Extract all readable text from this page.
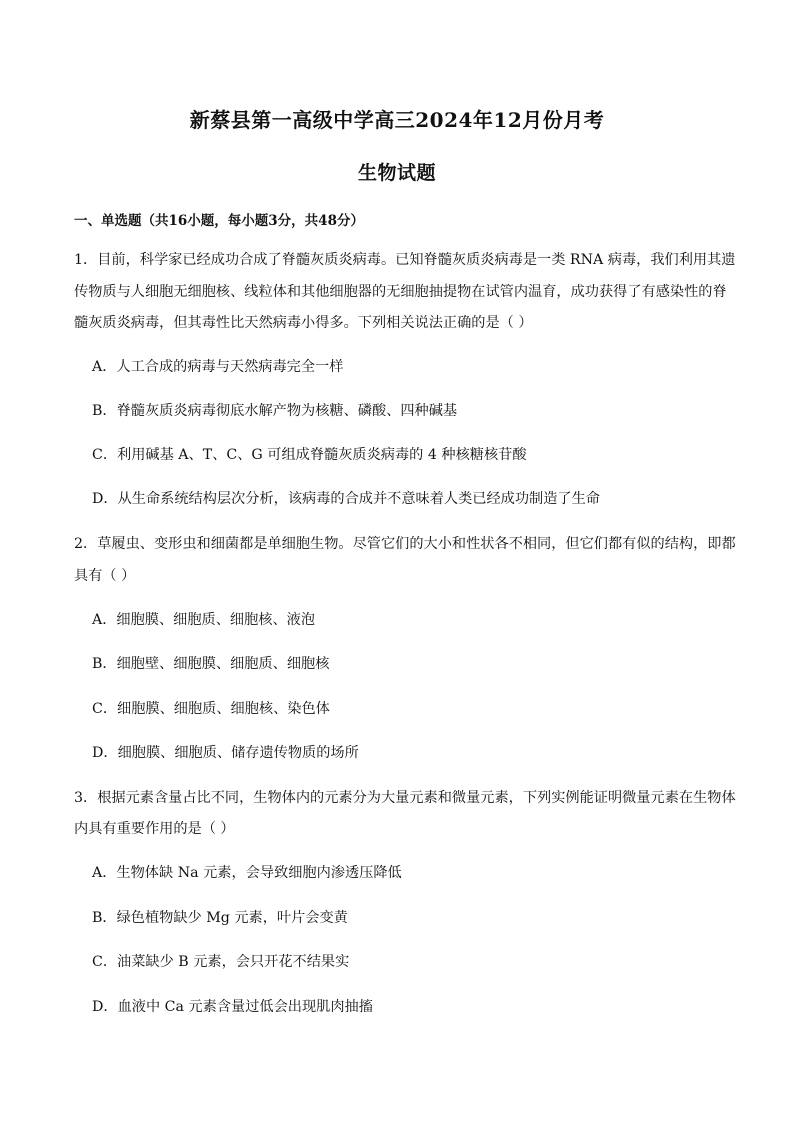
新蔡县第一高级中学高三2024年12月份月考
生物试题
一、单选题（共16小题，每小题3分，共48分）
1．目前，科学家已经成功合成了脊髓灰质炎病毒。已知脊髓灰质炎病毒是一类 RNA 病毒，我们利用其遗
传物质与人细胞无细胞核、线粒体和其他细胞器的无细胞抽提物在试管内温育，成功获得了有感染性的脊
髓灰质炎病毒，但其毒性比天然病毒小得多。下列相关说法正确的是（ ）
A．人工合成的病毒与天然病毒完全一样
B．脊髓灰质炎病毒彻底水解产物为核糖、磷酸、四种碱基
C．利用碱基 A、T、C、G 可组成脊髓灰质炎病毒的 4 种核糖核苷酸
D．从生命系统结构层次分析，该病毒的合成并不意味着人类已经成功制造了生命
2．草履虫、变形虫和细菌都是单细胞生物。尽管它们的大小和性状各不相同，但它们都有似的结构，即都
具有（ ）
A．细胞膜、细胞质、细胞核、液泡
B．细胞壁、细胞膜、细胞质、细胞核
C．细胞膜、细胞质、细胞核、染色体
D．细胞膜、细胞质、储存遗传物质的场所
3．根据元素含量占比不同，生物体内的元素分为大量元素和微量元素，下列实例能证明微量元素在生物体
内具有重要作用的是（ ）
A．生物体缺 Na 元素，会导致细胞内渗透压降低
B．绿色植物缺少 Mg 元素，叶片会变黄
C．油菜缺少 B 元素，会只开花不结果实
D．血液中 Ca 元素含量过低会出现肌肉抽搐
